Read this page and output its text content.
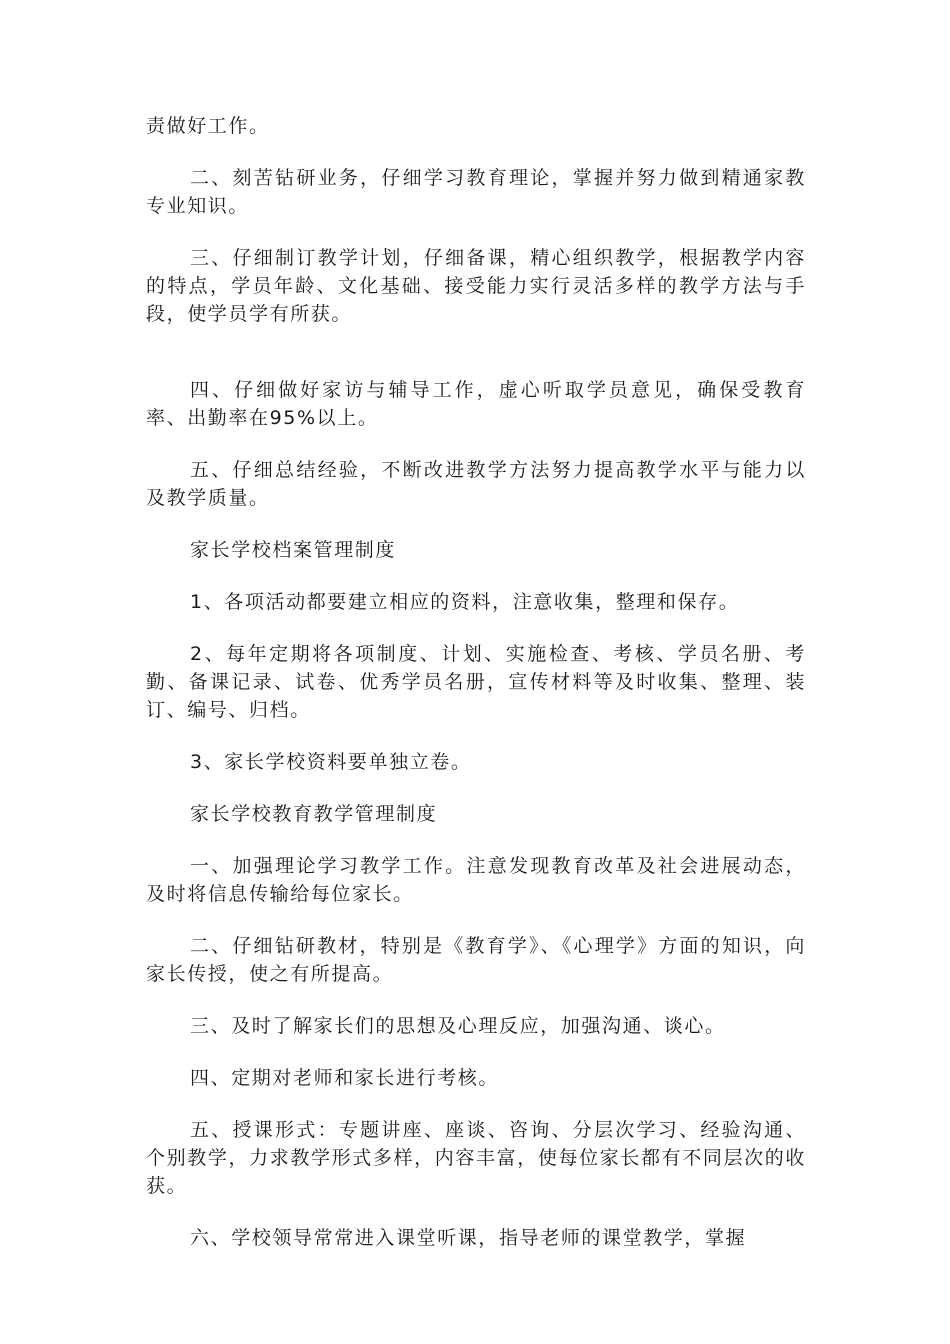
责做好工作。

二、刻苦钻研业务，仔细学习教育理论，掌握并努力做到精通家教专业知识。

三、仔细制订教学计划，仔细备课，精心组织教学，根据教学内容的特点，学员年龄、文化基础、接受能力实行灵活多样的教学方法与手段，使学员学有所获。

四、仔细做好家访与辅导工作，虚心听取学员意见，确保受教育率、出勤率在95%以上。

五、仔细总结经验，不断改进教学方法努力提高教学水平与能力以及教学质量。

家长学校档案管理制度

1、各项活动都要建立相应的资料，注意收集，整理和保存。

2、每年定期将各项制度、计划、实施检查、考核、学员名册、考勤、备课记录、试卷、优秀学员名册，宣传材料等及时收集、整理、装订、编号、归档。

3、家长学校资料要单独立卷。

家长学校教育教学管理制度

一、加强理论学习教学工作。注意发现教育改革及社会进展动态，及时将信息传输给每位家长。

二、仔细钻研教材，特别是《教育学》、《心理学》方面的知识，向家长传授，使之有所提高。

三、及时了解家长们的思想及心理反应，加强沟通、谈心。

四、定期对老师和家长进行考核。

五、授课形式：专题讲座、座谈、咨询、分层次学习、经验沟通、个别教学，力求教学形式多样，内容丰富，使每位家长都有不同层次的收获。

六、学校领导常常进入课堂听课，指导老师的课堂教学，掌握
